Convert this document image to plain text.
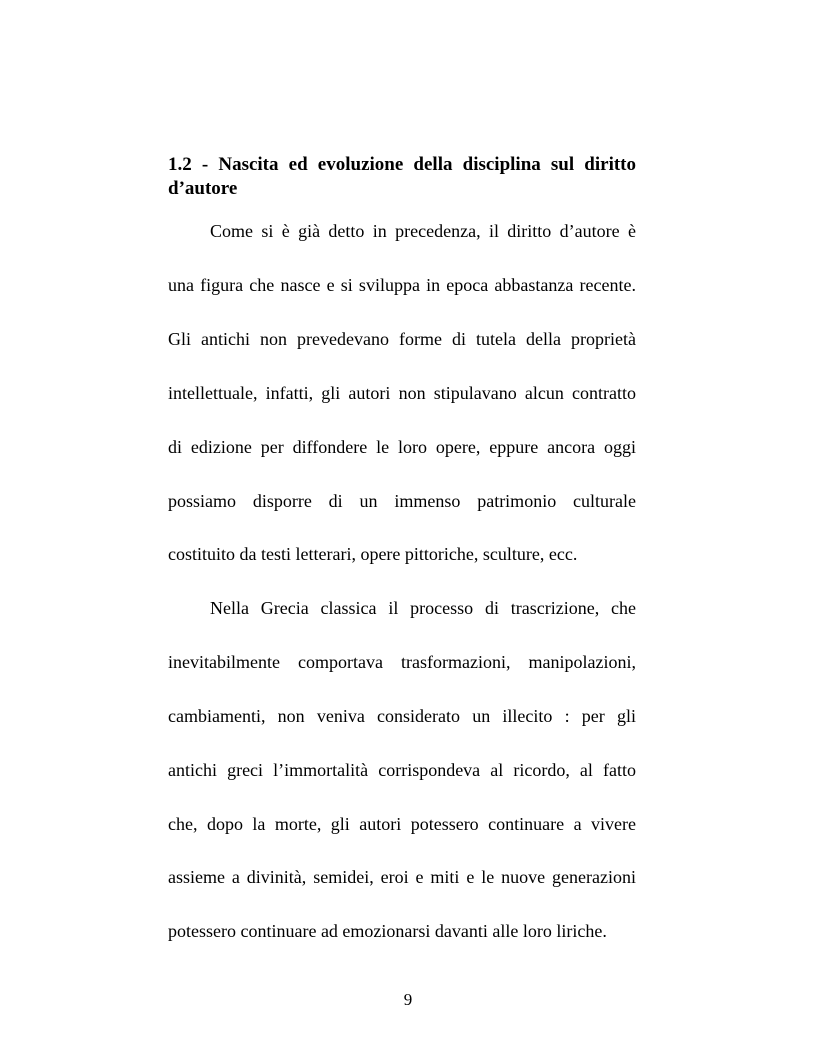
1.2 - Nascita ed evoluzione della disciplina sul diritto
d’autore
Come si è già detto in precedenza, il diritto d’autore è
una figura che nasce e si sviluppa in epoca abbastanza recente.
Gli antichi non prevedevano forme di tutela della proprietà
intellettuale, infatti, gli autori non stipulavano alcun contratto
di edizione per diffondere le loro opere, eppure ancora oggi
possiamo disporre di un immenso patrimonio culturale
costituito da testi letterari, opere pittoriche, sculture, ecc.
Nella Grecia classica il processo di trascrizione, che
inevitabilmente comportava trasformazioni, manipolazioni,
cambiamenti, non veniva considerato un illecito : per gli
antichi greci l’immortalità corrispondeva al ricordo, al fatto
che, dopo la morte, gli autori potessero continuare a vivere
assieme a divinità, semidei, eroi e miti e le nuove generazioni
potessero continuare ad emozionarsi davanti alle loro liriche.
9
